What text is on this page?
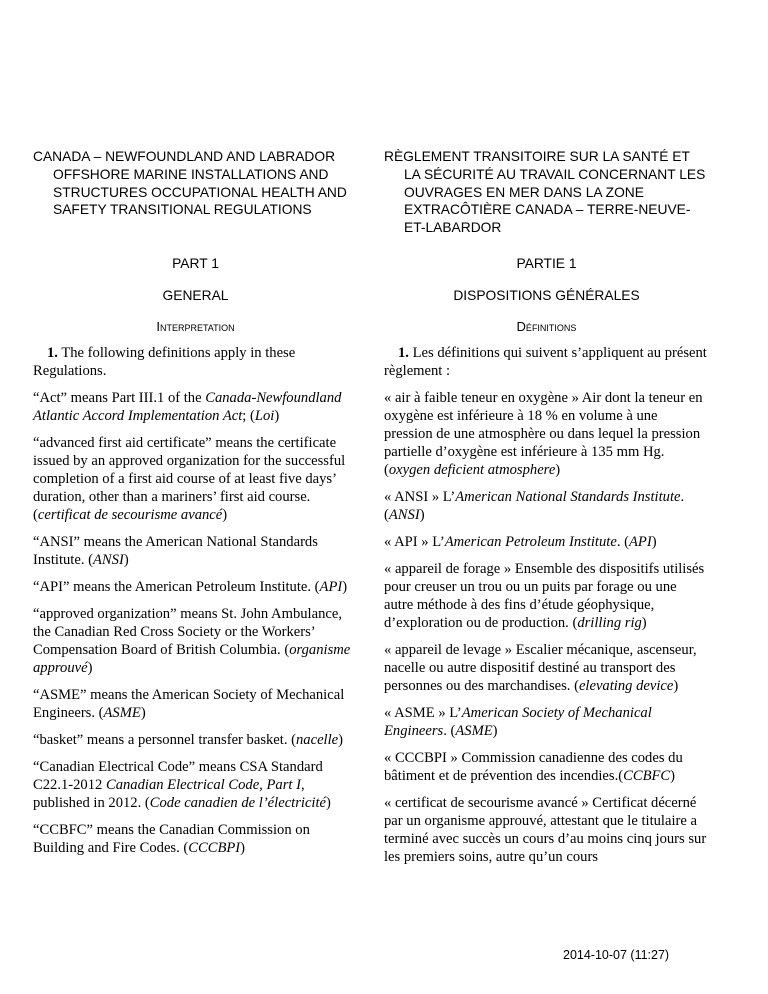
CANADA – NEWFOUNDLAND AND LABRADOR OFFSHORE MARINE INSTALLATIONS AND STRUCTURES OCCUPATIONAL HEALTH AND SAFETY TRANSITIONAL REGULATIONS

PART 1

GENERAL

Interpretation

1. The following definitions apply in these Regulations.

“Act” means Part III.1 of the Canada-Newfoundland Atlantic Accord Implementation Act; (Loi)

“advanced first aid certificate” means the certificate issued by an approved organization for the successful completion of a first aid course of at least five days’ duration, other than a mariners’ first aid course. (certificat de secourisme avancé)

“ANSI” means the American National Standards Institute. (ANSI)

“API” means the American Petroleum Institute. (API)

“approved organization” means St. John Ambulance, the Canadian Red Cross Society or the Workers’ Compensation Board of British Columbia. (organisme approuvé)

“ASME” means the American Society of Mechanical Engineers. (ASME)

“basket” means a personnel transfer basket. (nacelle)

“Canadian Electrical Code” means CSA Standard C22.1-2012 Canadian Electrical Code, Part I, published in 2012. (Code canadien de l’électricité)

“CCBFC” means the Canadian Commission on Building and Fire Codes. (CCCBPI)

RÈGLEMENT TRANSITOIRE SUR LA SANTÉ ET LA SÉCURITÉ AU TRAVAIL CONCERNANT LES OUVRAGES EN MER DANS LA ZONE EXTRACÔTIÈRE CANADA – TERRE-NEUVE-ET-LABARDOR

PARTIE 1

DISPOSITIONS GÉNÉRALES

Définitions

1. Les définitions qui suivent s’appliquent au présent règlement :

« air à faible teneur en oxygène » Air dont la teneur en oxygène est inférieure à 18 % en volume à une pression de une atmosphère ou dans lequel la pression partielle d’oxygène est inférieure à 135 mm Hg. (oxygen deficient atmosphere)

« ANSI » L’American National Standards Institute. (ANSI)

« API » L’American Petroleum Institute. (API)

« appareil de forage » Ensemble des dispositifs utilisés pour creuser un trou ou un puits par forage ou une autre méthode à des fins d’étude géophysique, d’exploration ou de production. (drilling rig)

« appareil de levage » Escalier mécanique, ascenseur, nacelle ou autre dispositif destiné au transport des personnes ou des marchandises. (elevating device)

« ASME » L’American Society of Mechanical Engineers. (ASME)

« CCCBPI » Commission canadienne des codes du bâtiment et de prévention des incendies.(CCBFC)

« certificat de secourisme avancé » Certificat décerné par un organisme approuvé, attestant que le titulaire a terminé avec succès un cours d’au moins cinq jours sur les premiers soins, autre qu’un cours

2014-10-07 (11:27)
